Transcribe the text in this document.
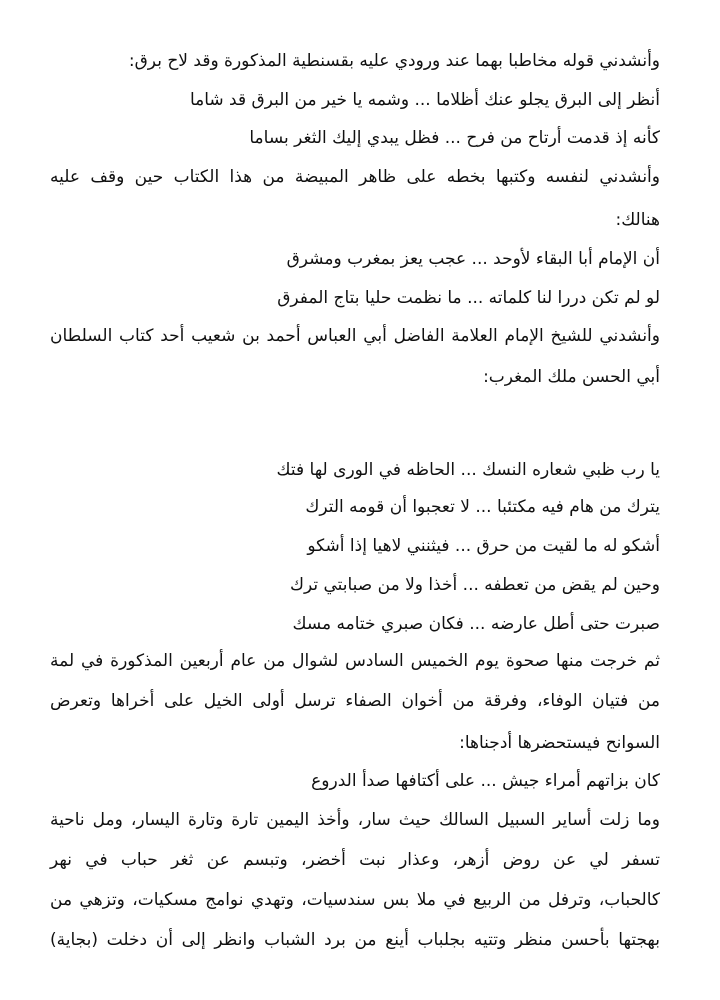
وأنشدني قوله مخاطبا بهما عند ورودي عليه بقسنطية المذكورة وقد لاح برق:
أنظر إلى البرق يجلو عنك أظلاما ... وشمه يا خير من البرق قد شاما
كأنه إذ قدمت أرتاح من فرح ... فظل يبدي إليك الثغر بساما
وأنشدني لنفسه وكتبها بخطه على ظاهر المبيضة من هذا الكتاب حين وقف عليه
هنالك:
أن الإمام أبا البقاء لأوحد ... عجب يعز بمغرب ومشرق
لو لم تكن دررا لنا كلماته ... ما نظمت حليا بتاج المفرق
وأنشدني للشيخ الإمام العلامة الفاضل أبي العباس أحمد بن شعيب أحد كتاب السلطان
أبي الحسن ملك المغرب:
يا رب ظبي شعاره النسك ... الحاظه في الورى لها فتك
يترك من هام فيه مكتئبا ... لا تعجبوا أن قومه الترك
أشكو له ما لقيت من حرق ... فيثنني لاهيا إذا أشكو
وحين لم يقض من تعطفه ... أخذا ولا من صبابتي ترك
صبرت حتى أطل عارضه ... فكان صبري ختامه مسك
ثم خرجت منها صحوة يوم الخميس السادس لشوال من عام أربعين المذكورة في لمة
من فتيان الوفاء، وفرقة من أخوان الصفاء ترسل أولى الخيل على أخراها وتعرض
السوانح فيستحضرها أدجناها:
كان بزاتهم أمراء جيش ... على أكتافها صدأ الدروع
وما زلت أساير السبيل السالك حيث سار، وأخذ اليمين تارة وتارة اليسار، ومل ناحية
تسفر لي عن روض أزهر، وعذار نبت أخضر، وتبسم عن ثغر حباب في نهر
كالحباب، وترفل من الربيع في ملا بس سندسيات، وتهدي نوامج مسكيات، وتزهي من
بهجتها بأحسن منظر وتتيه بجلباب أينع من برد الشباب وانظر إلى أن دخلت (بجاية)
